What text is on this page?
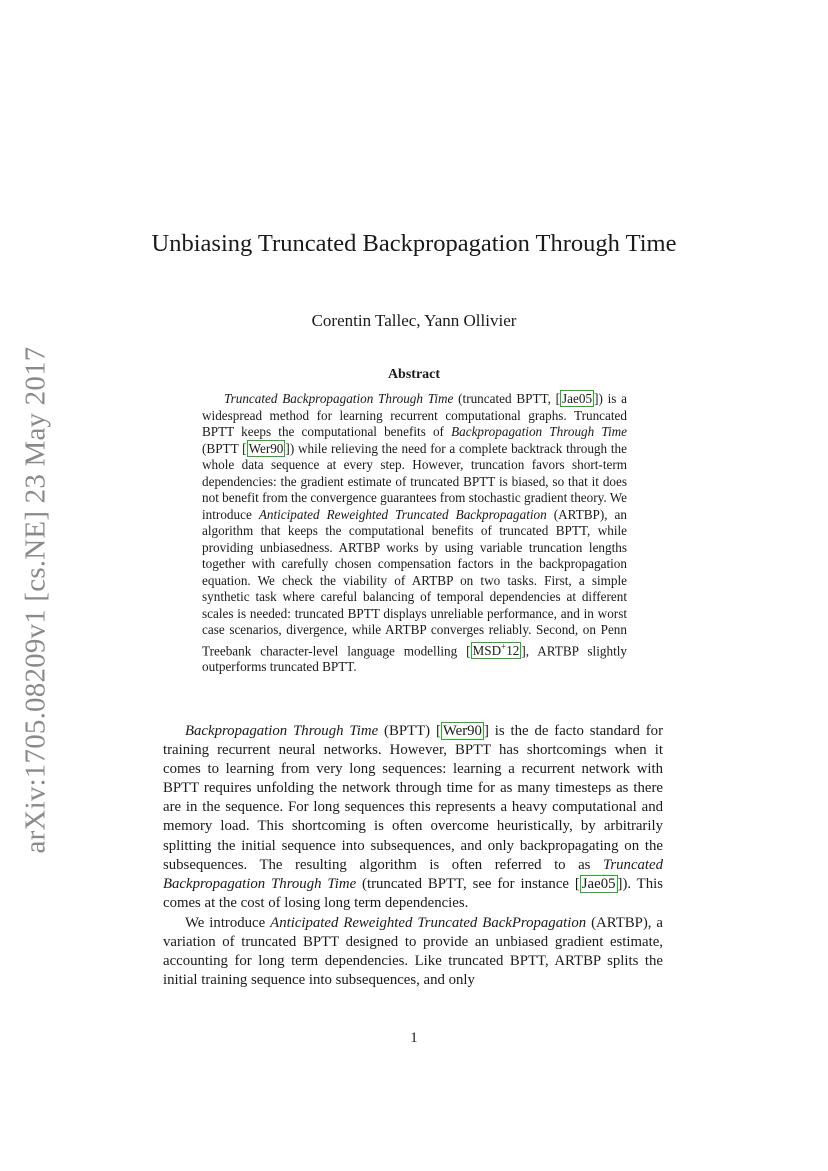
arXiv:1705.08209v1 [cs.NE] 23 May 2017
Unbiasing Truncated Backpropagation Through Time
Corentin Tallec, Yann Ollivier
Abstract
Truncated Backpropagation Through Time (truncated BPTT, [ Jae05 ]) is a widespread method for learning recurrent computational graphs. Truncated BPTT keeps the computational benefits of Backpropagation Through Time (BPTT [ Wer90 ]) while relieving the need for a complete backtrack through the whole data sequence at every step. However, truncation favors short-term dependencies: the gradient estimate of truncated BPTT is biased, so that it does not benefit from the convergence guarantees from stochastic gradient theory. We introduce Anticipated Reweighted Truncated Backpropagation (ARTBP), an algorithm that keeps the computational benefits of truncated BPTT, while providing unbiasedness. ARTBP works by using variable truncation lengths together with carefully chosen compensation factors in the backpropagation equation. We check the viability of ARTBP on two tasks. First, a simple synthetic task where careful balancing of temporal dependencies at different scales is needed: truncated BPTT displays unreliable performance, and in worst case scenarios, divergence, while ARTBP converges reliably. Second, on Penn Treebank character-level language modelling [ MSD+12 ], ARTBP slightly outperforms truncated BPTT.

Backpropagation Through Time (BPTT) [ Wer90 ] is the de facto standard for training recurrent neural networks. However, BPTT has shortcomings when it comes to learning from very long sequences: learning a recurrent network with BPTT requires unfolding the network through time for as many timesteps as there are in the sequence. For long sequences this represents a heavy computational and memory load. This shortcoming is often overcome heuristically, by arbitrarily splitting the initial sequence into subsequences, and only backpropagating on the subsequences. The resulting algorithm is often referred to as Truncated Backpropagation Through Time (truncated BPTT, see for instance [ Jae05 ]). This comes at the cost of losing long term dependencies.

We introduce Anticipated Reweighted Truncated BackPropagation (ARTBP), a variation of truncated BPTT designed to provide an unbiased gradient estimate, accounting for long term dependencies. Like truncated BPTT, ARTBP splits the initial training sequence into subsequences, and only

1
